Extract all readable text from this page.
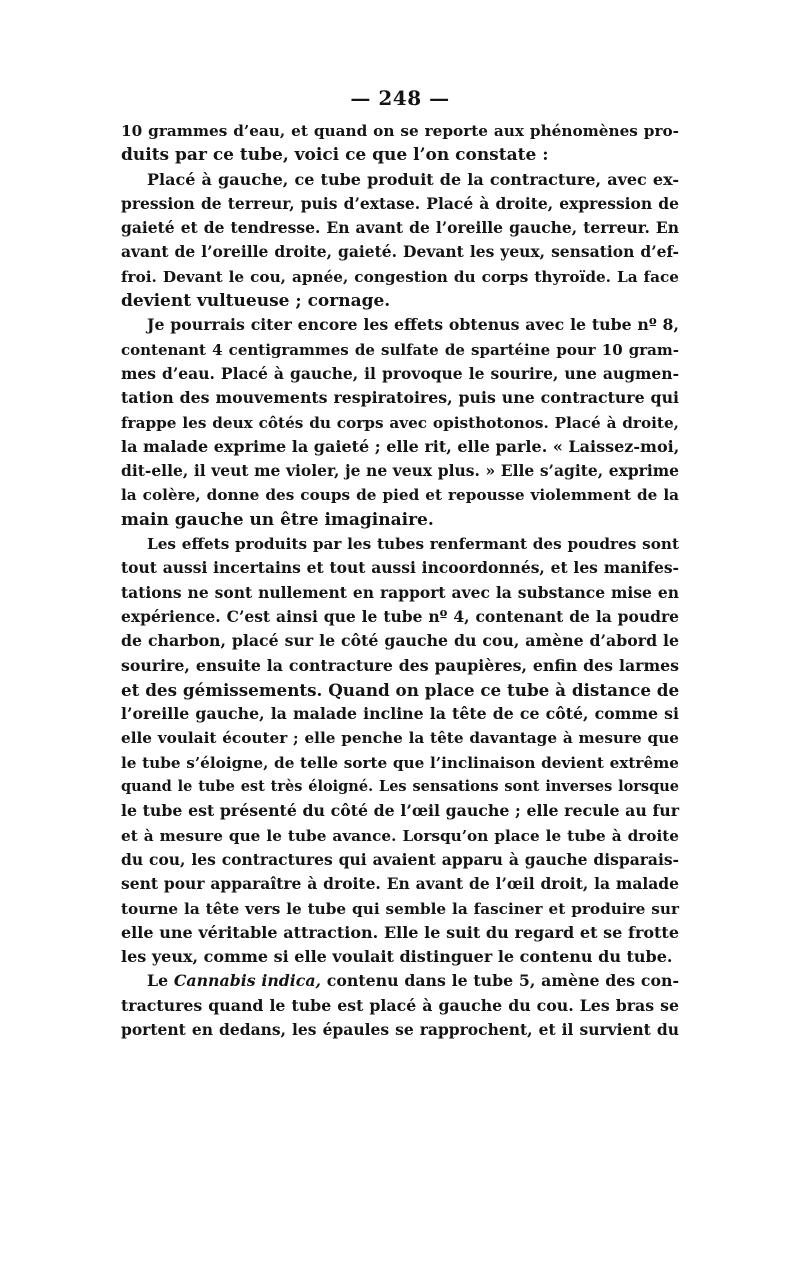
— 248 —
10 grammes d’eau, et quand on se reporte aux phénomènes pro-
duits par ce tube, voici ce que l’on constate :
Placé à gauche, ce tube produit de la contracture, avec ex-
pression de terreur, puis d’extase. Placé à droite, expression de
gaieté et de tendresse. En avant de l’oreille gauche, terreur. En
avant de l’oreille droite, gaieté. Devant les yeux, sensation d’ef-
froi. Devant le cou, apnée, congestion du corps thyroïde. La face
devient vultueuse ; cornage.
Je pourrais citer encore les effets obtenus avec le tube nº 8,
contenant 4 centigrammes de sulfate de spartéine pour 10 gram-
mes d’eau. Placé à gauche, il provoque le sourire, une augmen-
tation des mouvements respiratoires, puis une contracture qui
frappe les deux côtés du corps avec opisthotonos. Placé à droite,
la malade exprime la gaieté ; elle rit, elle parle. « Laissez-moi,
dit-elle, il veut me violer, je ne veux plus. » Elle s’agite, exprime
la colère, donne des coups de pied et repousse violemment de la
main gauche un être imaginaire.
Les effets produits par les tubes renfermant des poudres sont
tout aussi incertains et tout aussi incoordonnés, et les manifes-
tations ne sont nullement en rapport avec la substance mise en
expérience. C’est ainsi que le tube nº 4, contenant de la poudre
de charbon, placé sur le côté gauche du cou, amène d’abord le
sourire, ensuite la contracture des paupières, enfin des larmes
et des gémissements. Quand on place ce tube à distance de
l’oreille gauche, la malade incline la tête de ce côté, comme si
elle voulait écouter ; elle penche la tête davantage à mesure que
le tube s’éloigne, de telle sorte que l’inclinaison devient extrême
quand le tube est très éloigné. Les sensations sont inverses lorsque
le tube est présenté du côté de l’œil gauche ; elle recule au fur
et à mesure que le tube avance. Lorsqu’on place le tube à droite
du cou, les contractures qui avaient apparu à gauche disparais-
sent pour apparaître à droite. En avant de l’œil droit, la malade
tourne la tête vers le tube qui semble la fasciner et produire sur
elle une véritable attraction. Elle le suit du regard et se frotte
les yeux, comme si elle voulait distinguer le contenu du tube.
Le Cannabis indica, contenu dans le tube 5, amène des con-
tractures quand le tube est placé à gauche du cou. Les bras se
portent en dedans, les épaules se rapprochent, et il survient du
